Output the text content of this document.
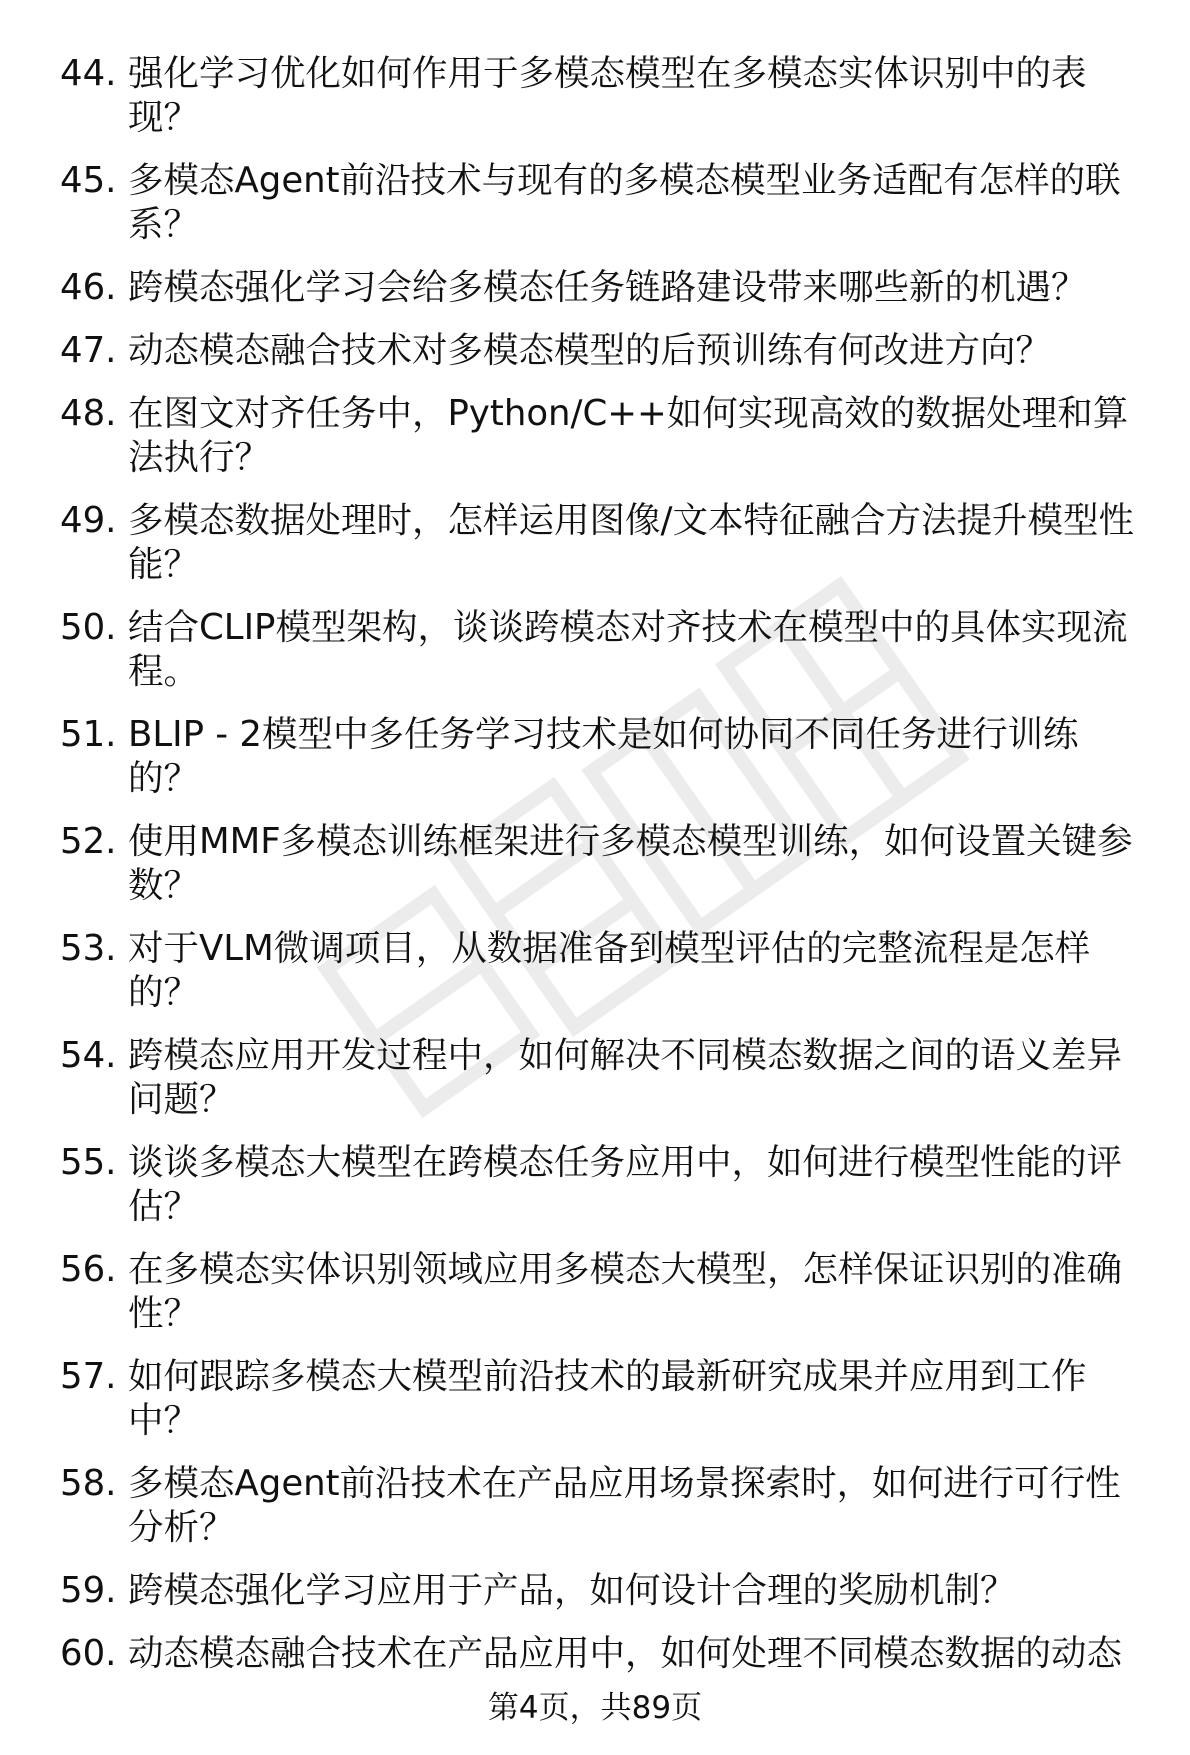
44. 强化学习优化如何作用于多模态模型在多模态实体识别中的表现？
45. 多模态Agent前沿技术与现有的多模态模型业务适配有怎样的联系？
46. 跨模态强化学习会给多模态任务链路建设带来哪些新的机遇？
47. 动态模态融合技术对多模态模型的后预训练有何改进方向？
48. 在图文对齐任务中，Python/C++如何实现高效的数据处理和算法执行？
49. 多模态数据处理时，怎样运用图像/文本特征融合方法提升模型性能？
50. 结合CLIP模型架构，谈谈跨模态对齐技术在模型中的具体实现流程。
51. BLIP - 2模型中多任务学习技术是如何协同不同任务进行训练的？
52. 使用MMF多模态训练框架进行多模态模型训练，如何设置关键参数？
53. 对于VLM微调项目，从数据准备到模型评估的完整流程是怎样的？
54. 跨模态应用开发过程中，如何解决不同模态数据之间的语义差异问题？
55. 谈谈多模态大模型在跨模态任务应用中，如何进行模型性能的评估？
56. 在多模态实体识别领域应用多模态大模型，怎样保证识别的准确性？
57. 如何跟踪多模态大模型前沿技术的最新研究成果并应用到工作中？
58. 多模态Agent前沿技术在产品应用场景探索时，如何进行可行性分析？
59. 跨模态强化学习应用于产品，如何设计合理的奖励机制？
60. 动态模态融合技术在产品应用中，如何处理不同模态数据的动态
第4页，共89页
